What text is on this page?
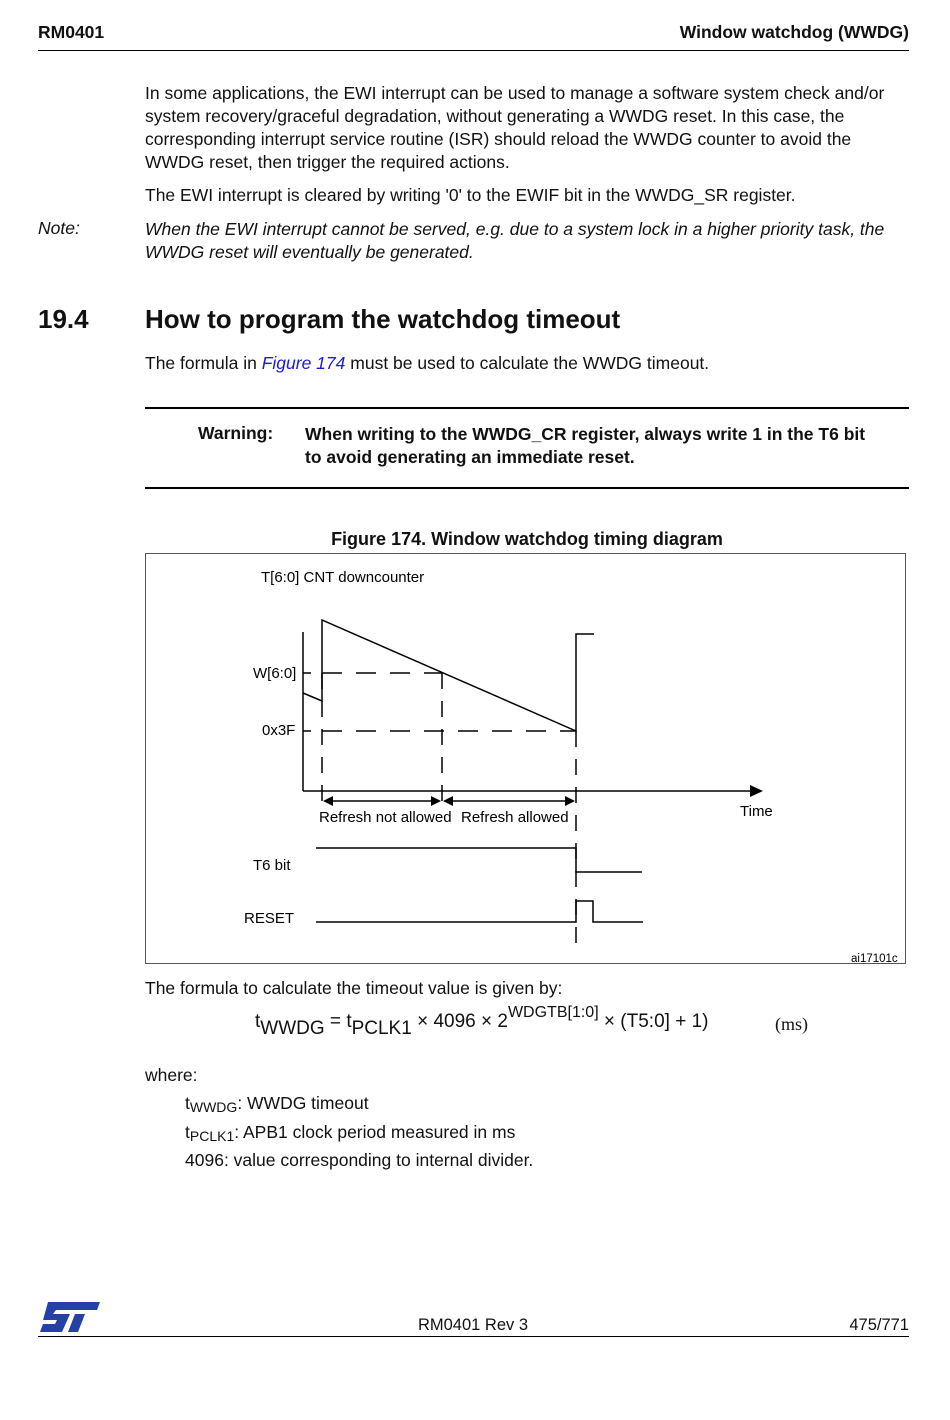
RM0401	Window watchdog (WWDG)
In some applications, the EWI interrupt can be used to manage a software system check and/or system recovery/graceful degradation, without generating a WWDG reset. In this case, the corresponding interrupt service routine (ISR) should reload the WWDG counter to avoid the WWDG reset, then trigger the required actions.
The EWI interrupt is cleared by writing '0' to the EWIF bit in the WWDG_SR register.
Note:	When the EWI interrupt cannot be served, e.g. due to a system lock in a higher priority task, the WWDG reset will eventually be generated.
19.4 How to program the watchdog timeout
The formula in Figure 174 must be used to calculate the WWDG timeout.
Warning: When writing to the WWDG_CR register, always write 1 in the T6 bit to avoid generating an immediate reset.
Figure 174. Window watchdog timing diagram
T[6:0] CNT downcounter
W[6:0]
0x3F
Time
Refresh not allowed Refresh allowed
T6 bit
RESET
ai17101c
The formula to calculate the timeout value is given by:
$t_{WWDG} = t_{PCLK1} \times 4096 \times 2^{WDGTB[1:0]}$ × (T5:0] + 1)	(ms)
where:
$t_{WWDG}$: WWDG timeout
$t_{PCLK1}$: APB1 clock period measured in ms
4096: value corresponding to internal divider.
RM0401 Rev 3	475/771
